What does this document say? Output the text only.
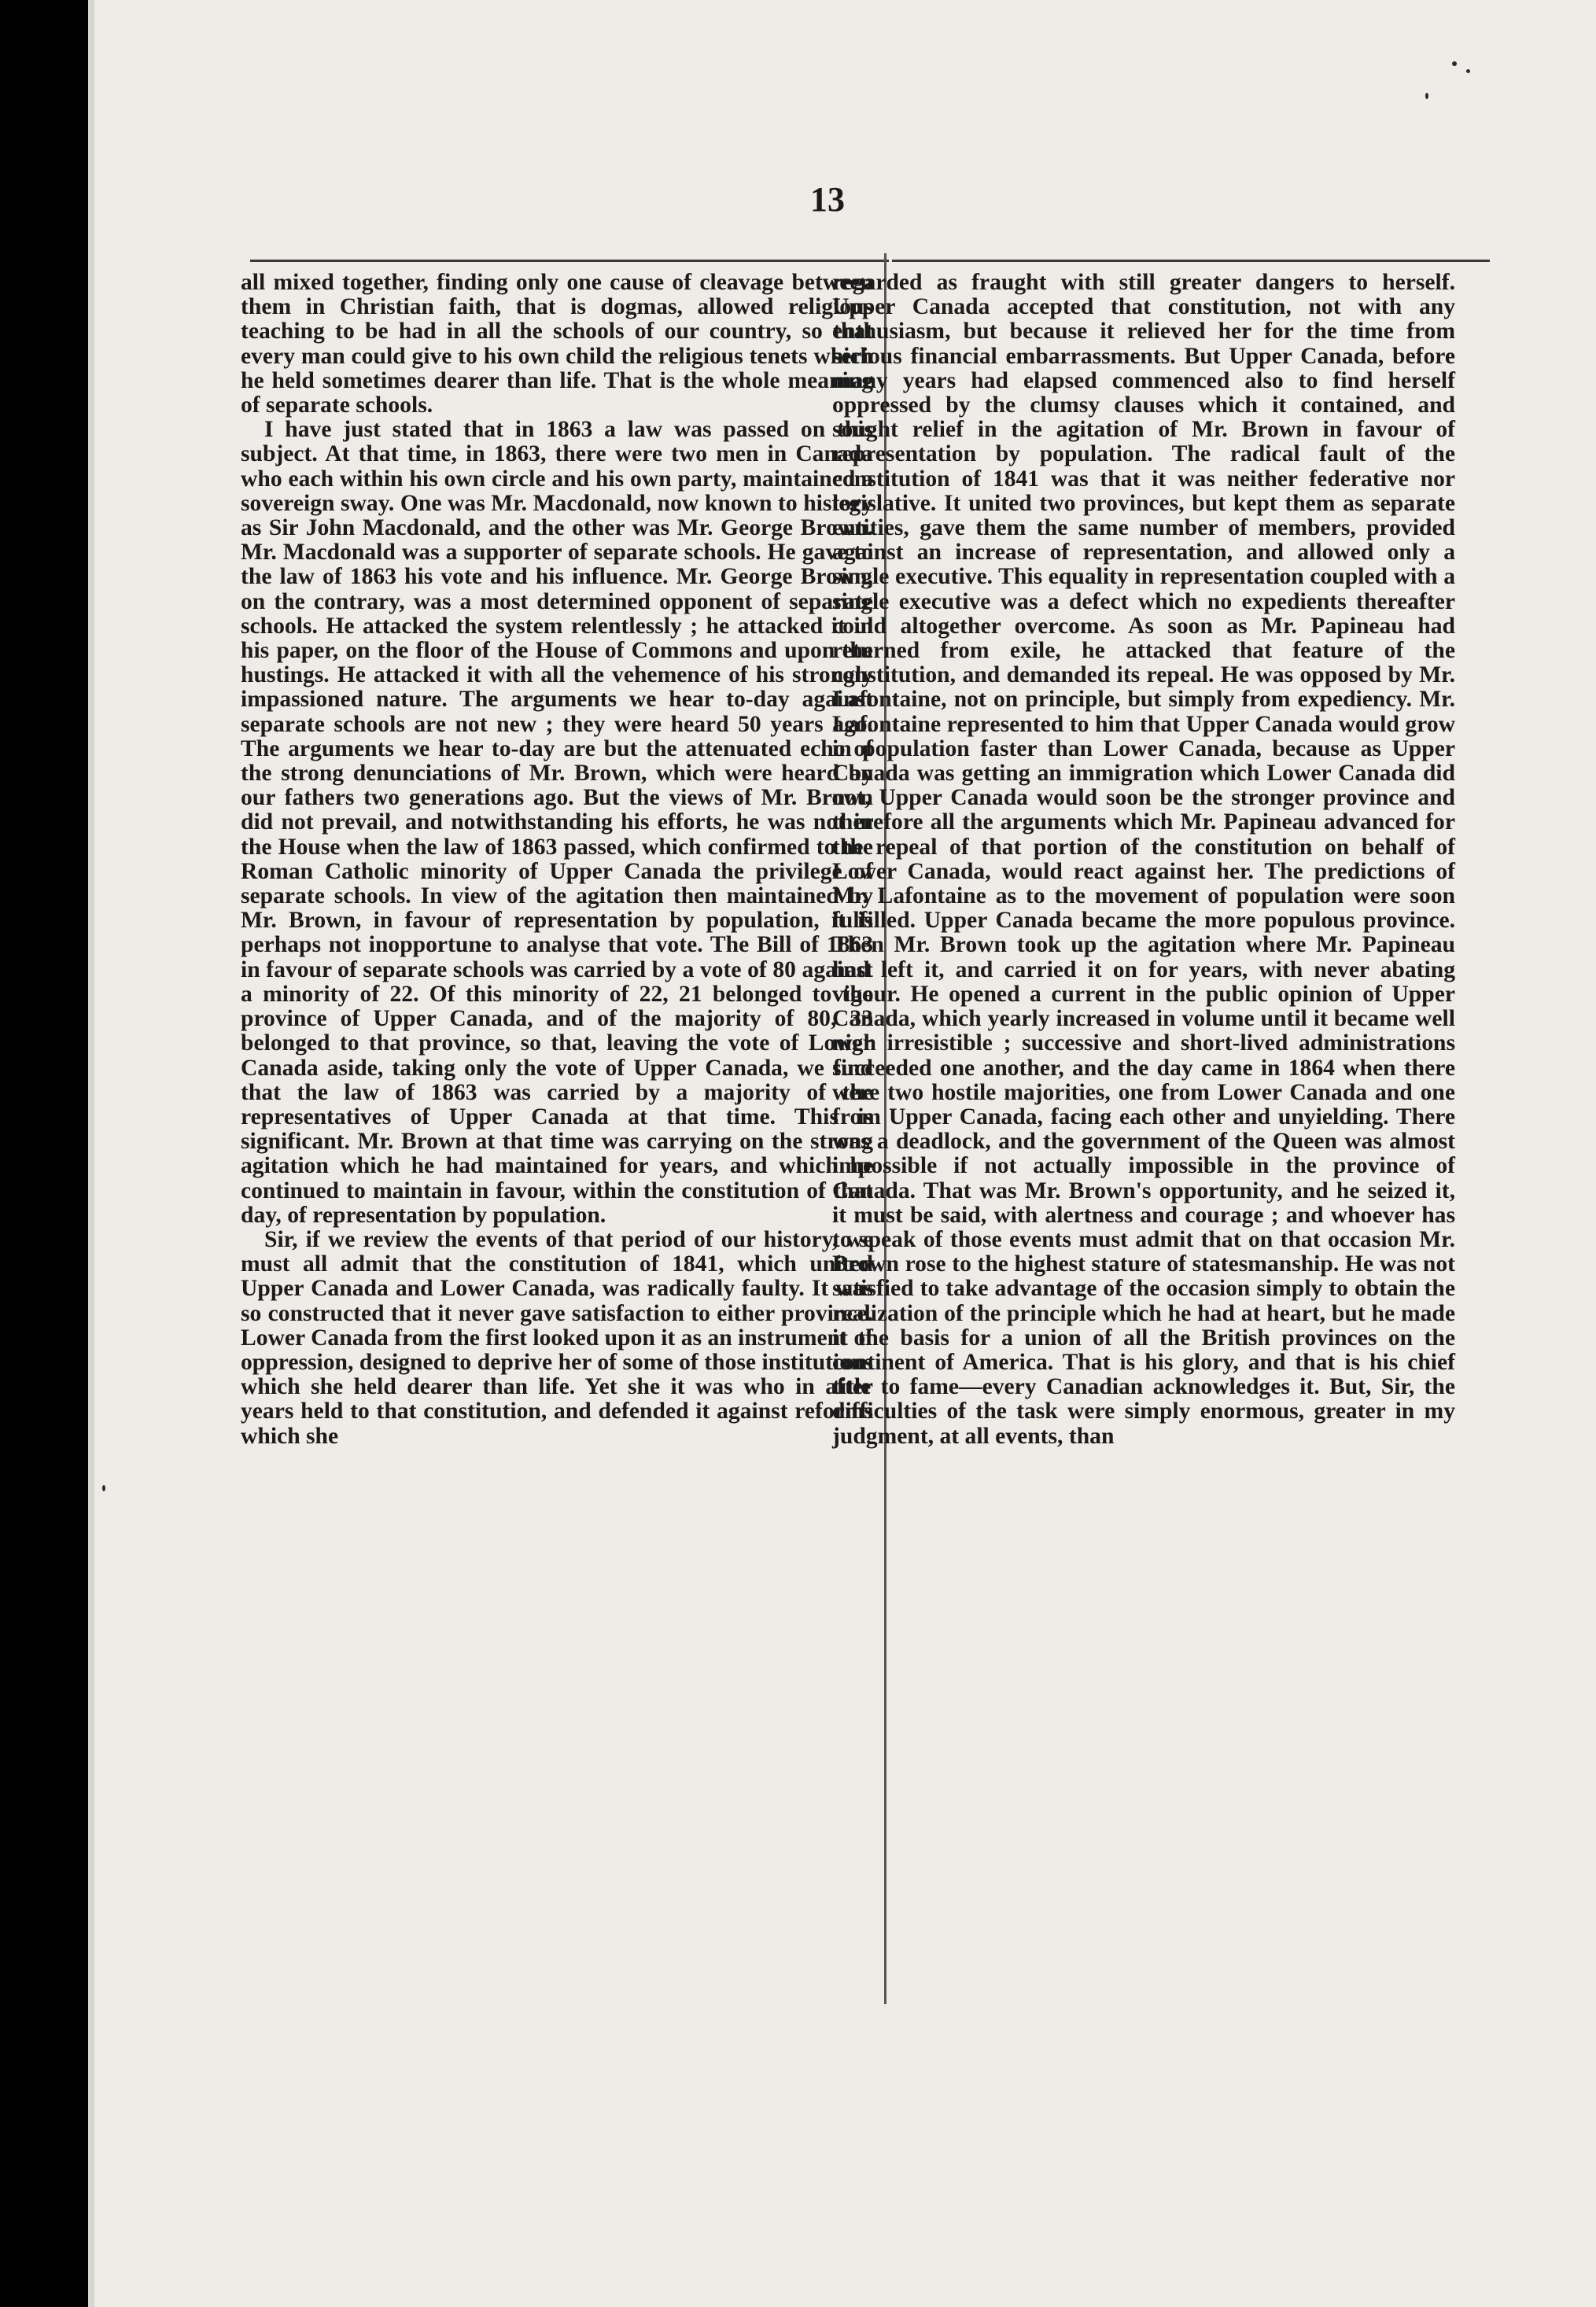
13

all mixed together, finding only one cause of cleavage between them in Christian faith, that is dogmas, allowed religious teaching to be had in all the schools of our country, so that every man could give to his own child the religious tenets which he held sometimes dearer than life. That is the whole meaning of separate schools.

I have just stated that in 1863 a law was passed on this subject. At that time, in 1863, there were two men in Canada who each within his own circle and his own party, maintained a sovereign sway. One was Mr. Macdonald, now known to history as Sir John Macdonald, and the other was Mr. George Brown. Mr. Macdonald was a supporter of separate schools. He gave to the law of 1863 his vote and his influence. Mr. George Brown, on the contrary, was a most determined opponent of separate schools. He attacked the system relentlessly ; he attacked it in his paper, on the floor of the House of Commons and upon the hustings. He attacked it with all the vehemence of his strongly impassioned nature. The arguments we hear to-day against separate schools are not new ; they were heard 50 years ago. The arguments we hear to-day are but the attenuated echo of the strong denunciations of Mr. Brown, which were heard by our fathers two generations ago. But the views of Mr. Brown did not prevail, and notwithstanding his efforts, he was not in the House when the law of 1863 passed, which confirmed to the Roman Catholic minority of Upper Canada the privilege of separate schools. In view of the agitation then maintained by Mr. Brown, in favour of representation by population, it is perhaps not inopportune to analyse that vote. The Bill of 1863 in favour of separate schools was carried by a vote of 80 against a minority of 22. Of this minority of 22, 21 belonged to the province of Upper Canada, and of the majority of 80, 33 belonged to that province, so that, leaving the vote of Lower Canada aside, taking only the vote of Upper Canada, we find that the law of 1863 was carried by a majority of the representatives of Upper Canada at that time. This is significant. Mr. Brown at that time was carrying on the strong agitation which he had maintained for years, and which he continued to maintain in favour, within the constitution of that day, of representation by population.

Sir, if we review the events of that period of our history, we must all admit that the constitution of 1841, which united Upper Canada and Lower Canada, was radically faulty. It was so constructed that it never gave satisfaction to either province. Lower Canada from the first looked upon it as an instrument of oppression, designed to deprive her of some of those institutions which she held dearer than life. Yet she it was who in after years held to that constitution, and defended it against reforms which she

regarded as fraught with still greater dangers to herself. Upper Canada accepted that constitution, not with any enthusiasm, but because it relieved her for the time from serious financial embarrassments. But Upper Canada, before many years had elapsed commenced also to find herself oppressed by the clumsy clauses which it contained, and sought relief in the agitation of Mr. Brown in favour of representation by population. The radical fault of the constitution of 1841 was that it was neither federative nor legislative. It united two provinces, but kept them as separate entities, gave them the same number of members, provided against an increase of representation, and allowed only a single executive. This equality in representation coupled with a single executive was a defect which no expedients thereafter could altogether overcome. As soon as Mr. Papineau had returned from exile, he attacked that feature of the constitution, and demanded its repeal. He was opposed by Mr. Lafontaine, not on principle, but simply from expediency. Mr. Lafontaine represented to him that Upper Canada would grow in population faster than Lower Canada, because as Upper Canada was getting an immigration which Lower Canada did not, Upper Canada would soon be the stronger province and therefore all the arguments which Mr. Papineau advanced for the repeal of that portion of the constitution on behalf of Lower Canada, would react against her. The predictions of Mr. Lafontaine as to the movement of population were soon fulfilled. Upper Canada became the more populous province. Then Mr. Brown took up the agitation where Mr. Papineau had left it, and carried it on for years, with never abating vigour. He opened a current in the public opinion of Upper Canada, which yearly increased in volume until it became well nigh irresistible ; successive and short-lived administrations succeeded one another, and the day came in 1864 when there were two hostile majorities, one from Lower Canada and one from Upper Canada, facing each other and unyielding. There was a deadlock, and the government of the Queen was almost impossible if not actually impossible in the province of Canada. That was Mr. Brown's opportunity, and he seized it, it must be said, with alertness and courage ; and whoever has to speak of those events must admit that on that occasion Mr. Brown rose to the highest stature of statesmanship. He was not satisfied to take advantage of the occasion simply to obtain the realization of the principle which he had at heart, but he made it the basis for a union of all the British provinces on the continent of America. That is his glory, and that is his chief title to fame—every Canadian acknowledges it. But, Sir, the difficulties of the task were simply enormous, greater in my judgment, at all events, than
